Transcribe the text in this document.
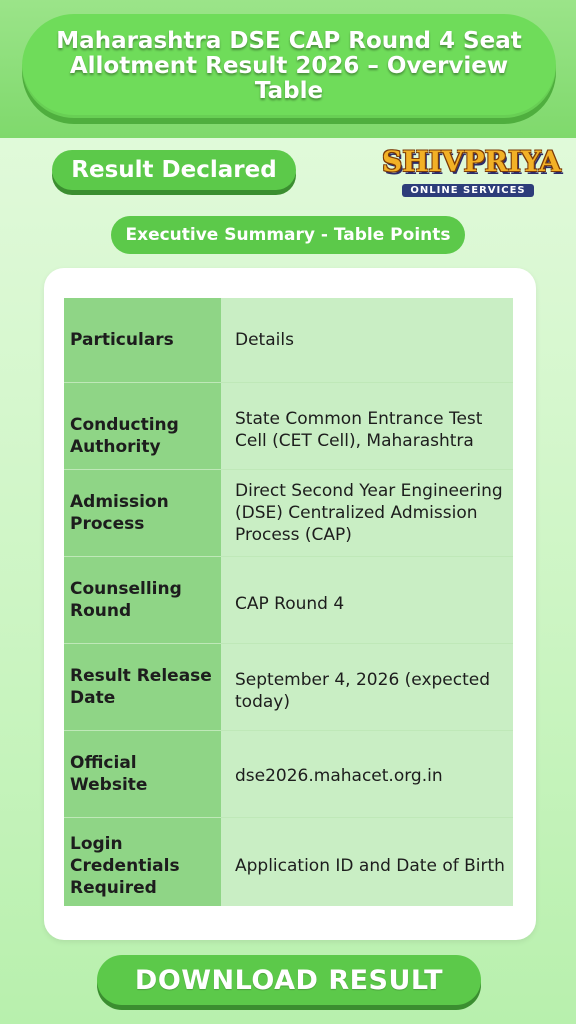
Maharashtra DSE CAP Round 4 Seat Allotment Result 2026 – Overview Table
Result Declared	SHIVPRIYA
ONLINE SERVICES
Executive Summary - Table Points
Particulars	Details
Conducting Authority	State Common Entrance Test Cell (CET Cell), Maharashtra
Admission Process	Direct Second Year Engineering (DSE) Centralized Admission Process (CAP)
Counselling Round	CAP Round 4
Result Release Date	September 4, 2026 (expected today)
Official Website	dse2026.mahacet.org.in
Login Credentials Required	Application ID and Date of Birth
DOWNLOAD RESULT
